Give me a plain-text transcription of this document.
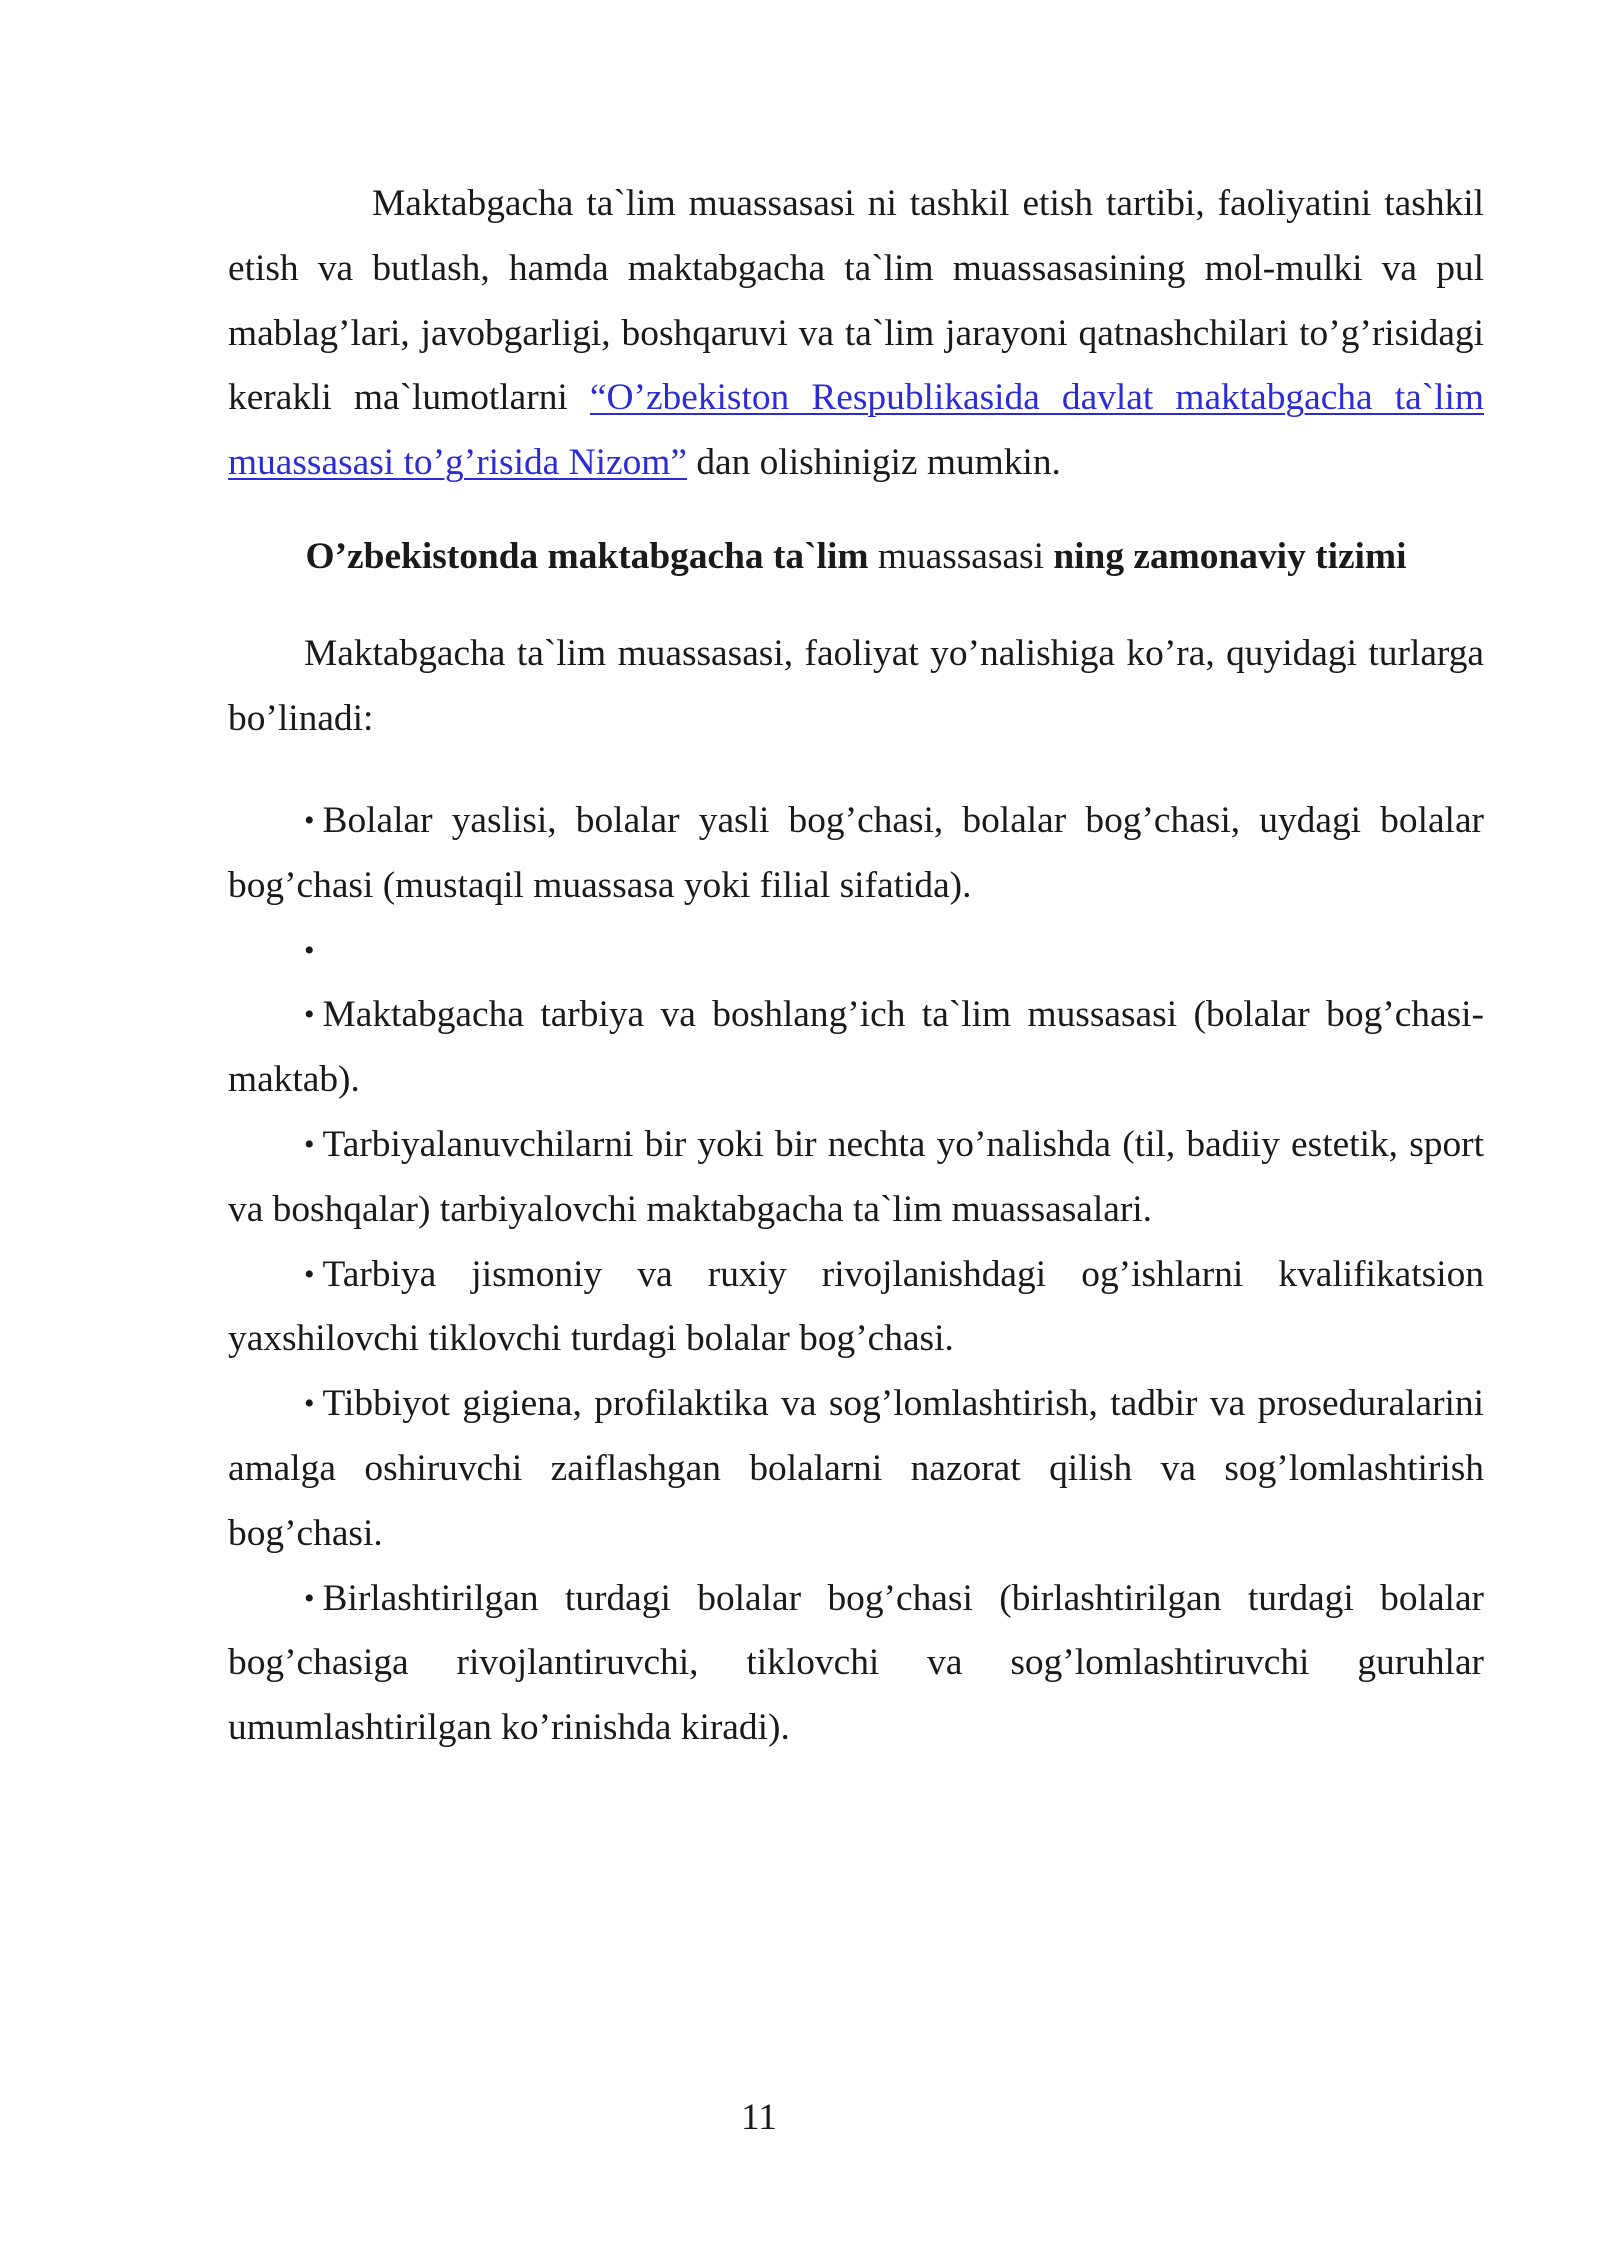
Maktabgacha ta`lim muassasasi ni tashkil etish tartibi, faoliyatini tashkil etish va butlash, hamda maktabgacha ta`lim muassasasining mol-mulki va pul mablag’lari, javobgarligi, boshqaruvi va ta`lim jarayoni qatnashchilari to’g’risidagi kerakli ma`lumotlarni “O’zbekiston Respublikasida davlat maktabgacha ta`lim muassasasi to’g’risida Nizom” dan olishinigiz mumkin.

O’zbekistonda maktabgacha ta`lim muassasasi ning zamonaviy tizimi

Maktabgacha ta`lim muassasasi, faoliyat yo’nalishiga ko’ra, quyidagi turlarga bo’linadi:

• Bolalar yaslisi, bolalar yasli bog’chasi, bolalar bog’chasi, uydagi bolalar bog’chasi (mustaqil muassasa yoki filial sifatida).

•

• Maktabgacha tarbiya va boshlang’ich ta`lim mussasasi (bolalar bog’chasi-maktab).

• Tarbiyalanuvchilarni bir yoki bir nechta yo’nalishda (til, badiiy estetik, sport va boshqalar) tarbiyalovchi maktabgacha ta`lim muassasalari.

• Tarbiya jismoniy va ruxiy rivojlanishdagi og’ishlarni kvalifikatsion yaxshilovchi tiklovchi turdagi bolalar bog’chasi.

• Tibbiyot gigiena, profilaktika va sog’lomlashtirish, tadbir va proseduralarini amalga oshiruvchi zaiflashgan bolalarni nazorat qilish va sog’lomlashtirish bog’chasi.

• Birlashtirilgan turdagi bolalar bog’chasi (birlashtirilgan turdagi bolalar bog’chasiga rivojlantiruvchi, tiklovchi va sog’lomlashtiruvchi guruhlar umumlashtirilgan ko’rinishda kiradi).

11
